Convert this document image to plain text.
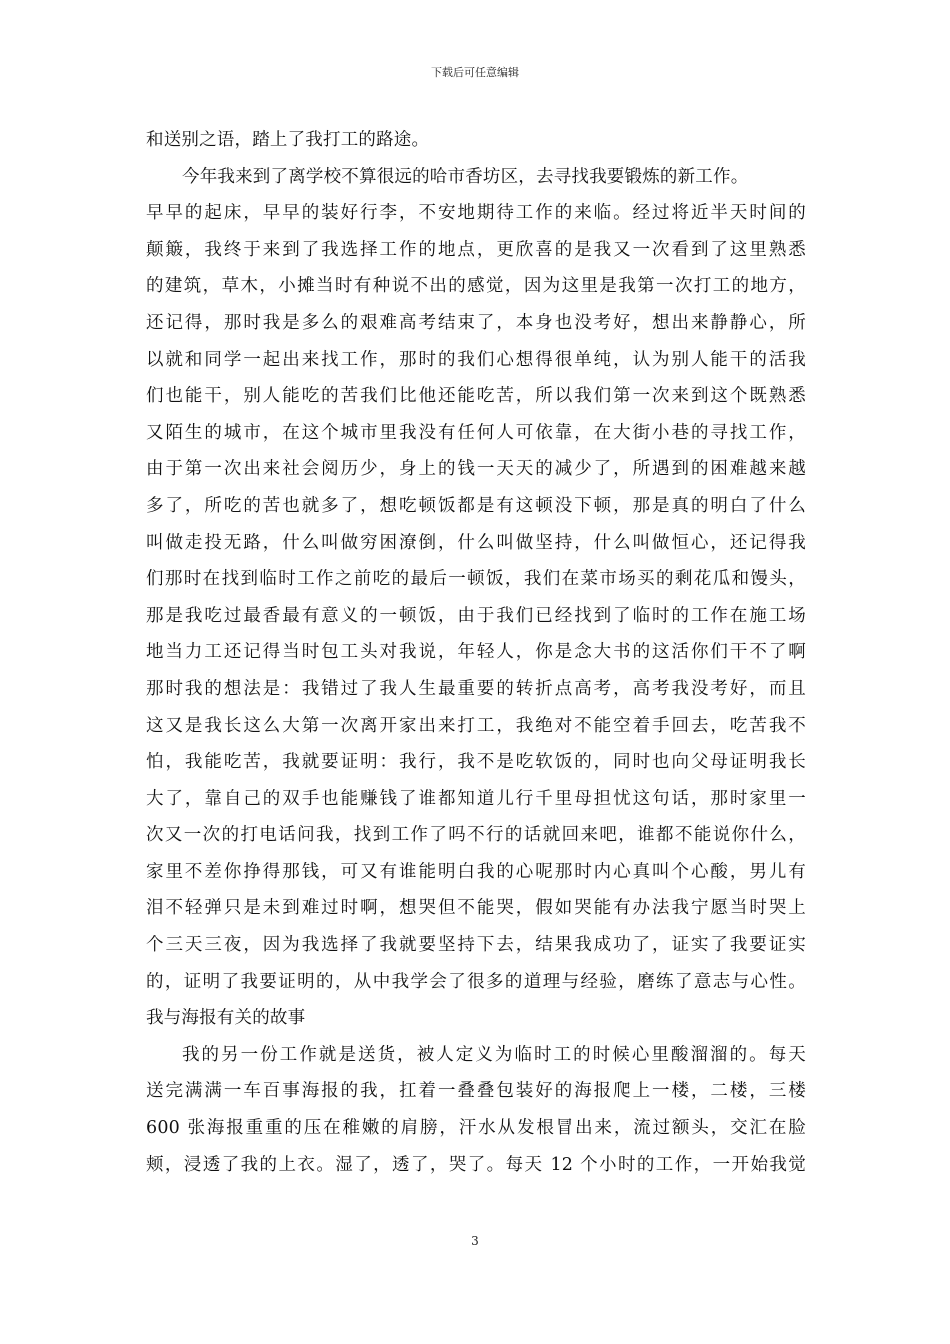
下载后可任意编辑
和送别之语，踏上了我打工的路途。
今年我来到了离学校不算很远的哈市香坊区，去寻找我要锻炼的新工作。
早早的起床，早早的装好行李，不安地期待工作的来临。经过将近半天时间的
颠簸，我终于来到了我选择工作的地点，更欣喜的是我又一次看到了这里熟悉
的建筑，草木，小摊当时有种说不出的感觉，因为这里是我第一次打工的地方，
还记得，那时我是多么的艰难高考结束了，本身也没考好，想出来静静心，所
以就和同学一起出来找工作，那时的我们心想得很单纯，认为别人能干的活我
们也能干，别人能吃的苦我们比他还能吃苦，所以我们第一次来到这个既熟悉
又陌生的城市，在这个城市里我没有任何人可依靠，在大街小巷的寻找工作，
由于第一次出来社会阅历少，身上的钱一天天的减少了，所遇到的困难越来越
多了，所吃的苦也就多了，想吃顿饭都是有这顿没下顿，那是真的明白了什么
叫做走投无路，什么叫做穷困潦倒，什么叫做坚持，什么叫做恒心，还记得我
们那时在找到临时工作之前吃的最后一顿饭，我们在菜市场买的剩花瓜和馒头，
那是我吃过最香最有意义的一顿饭，由于我们已经找到了临时的工作在施工场
地当力工还记得当时包工头对我说，年轻人，你是念大书的这活你们干不了啊
那时我的想法是：我错过了我人生最重要的转折点高考，高考我没考好，而且
这又是我长这么大第一次离开家出来打工，我绝对不能空着手回去，吃苦我不
怕，我能吃苦，我就要证明：我行，我不是吃软饭的，同时也向父母证明我长
大了，靠自己的双手也能赚钱了谁都知道儿行千里母担忧这句话，那时家里一
次又一次的打电话问我，找到工作了吗不行的话就回来吧，谁都不能说你什么，
家里不差你挣得那钱，可又有谁能明白我的心呢那时内心真叫个心酸，男儿有
泪不轻弹只是未到难过时啊，想哭但不能哭，假如哭能有办法我宁愿当时哭上
个三天三夜，因为我选择了我就要坚持下去，结果我成功了，证实了我要证实
的，证明了我要证明的，从中我学会了很多的道理与经验，磨练了意志与心性。
我与海报有关的故事
我的另一份工作就是送货，被人定义为临时工的时候心里酸溜溜的。每天
送完满满一车百事海报的我，扛着一叠叠包装好的海报爬上一楼，二楼，三楼
600 张海报重重的压在稚嫩的肩膀，汗水从发根冒出来，流过额头，交汇在脸
颊，浸透了我的上衣。湿了，透了，哭了。每天 12 个小时的工作，一开始我觉
3
